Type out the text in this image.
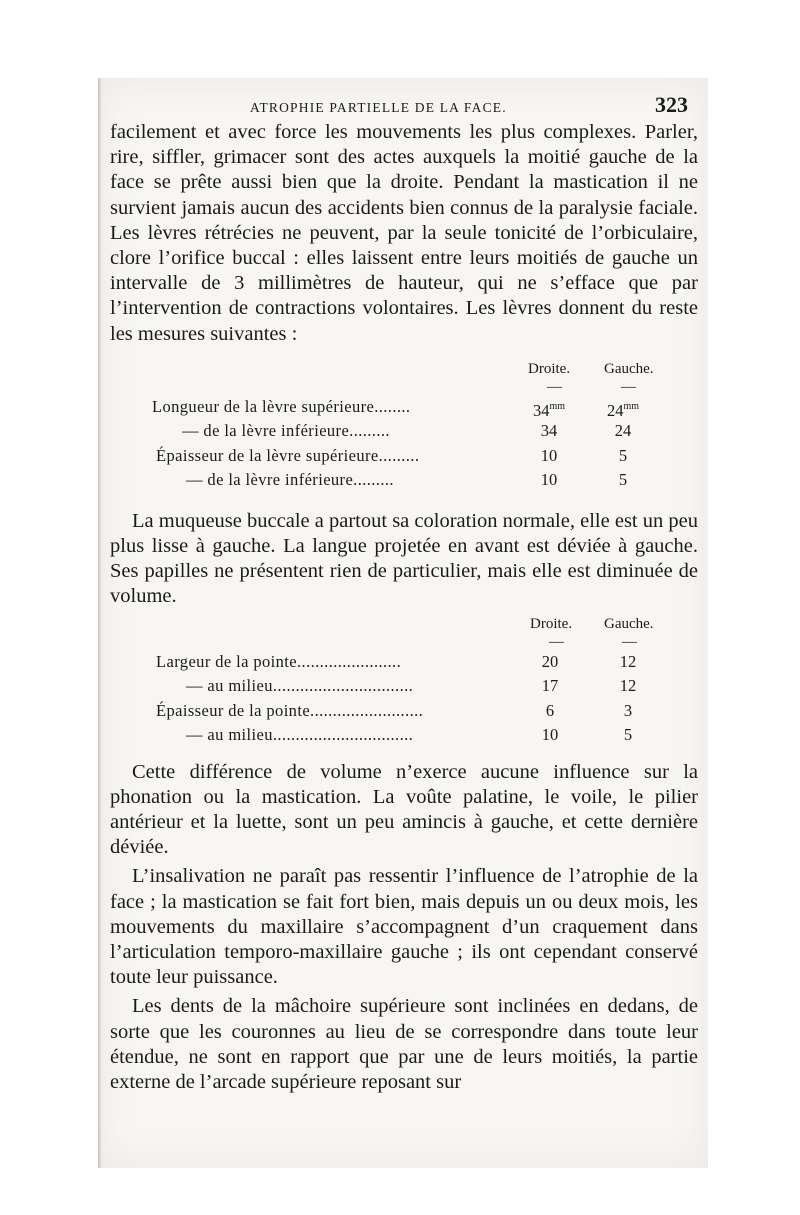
ATROPHIE PARTIELLE DE LA FACE.	323

facilement et avec force les mouvements les plus complexes. Parler, rire, siffler, grimacer sont des actes auxquels la moitié gauche de la face se prête aussi bien que la droite. Pendant la mastication il ne survient jamais aucun des accidents bien connus de la paralysie faciale. Les lèvres rétrécies ne peuvent, par la seule tonicité de l’orbiculaire, clore l’orifice buccal : elles laissent entre leurs moitiés de gauche un intervalle de 3 millimètres de hauteur, qui ne s’efface que par l’intervention de contractions volontaires. Les lèvres donnent du reste les mesures suivantes :

Droite. Gauche.
—	—
Longueur de la lèvre supérieure........	$34^{mm}$	$24^{mm}$
— de la lèvre inférieure.........	34	24
Épaisseur de la lèvre supérieure.........	10	5
— de la lèvre inférieure.........	10	5

La muqueuse buccale a partout sa coloration normale, elle est un peu plus lisse à gauche. La langue projetée en avant est déviée à gauche. Ses papilles ne présentent rien de particulier, mais elle est diminuée de volume.

Droite. Gauche.
—	—
Largeur de la pointe.......................	20	12
— au milieu...............................	17	12
Épaisseur de la pointe.........................	6	3
— au milieu...............................	10	5

Cette différence de volume n’exerce aucune influence sur la phonation ou la mastication. La voûte palatine, le voile, le pilier antérieur et la luette, sont un peu amincis à gauche, et cette dernière déviée.

L’insalivation ne paraît pas ressentir l’influence de l’atrophie de la face ; la mastication se fait fort bien, mais depuis un ou deux mois, les mouvements du maxillaire s’accompagnent d’un craquement dans l’articulation temporo-maxillaire gauche ; ils ont cependant conservé toute leur puissance.

Les dents de la mâchoire supérieure sont inclinées en dedans, de sorte que les couronnes au lieu de se correspondre dans toute leur étendue, ne sont en rapport que par une de leurs moitiés, la partie externe de l’arcade supérieure reposant sur
